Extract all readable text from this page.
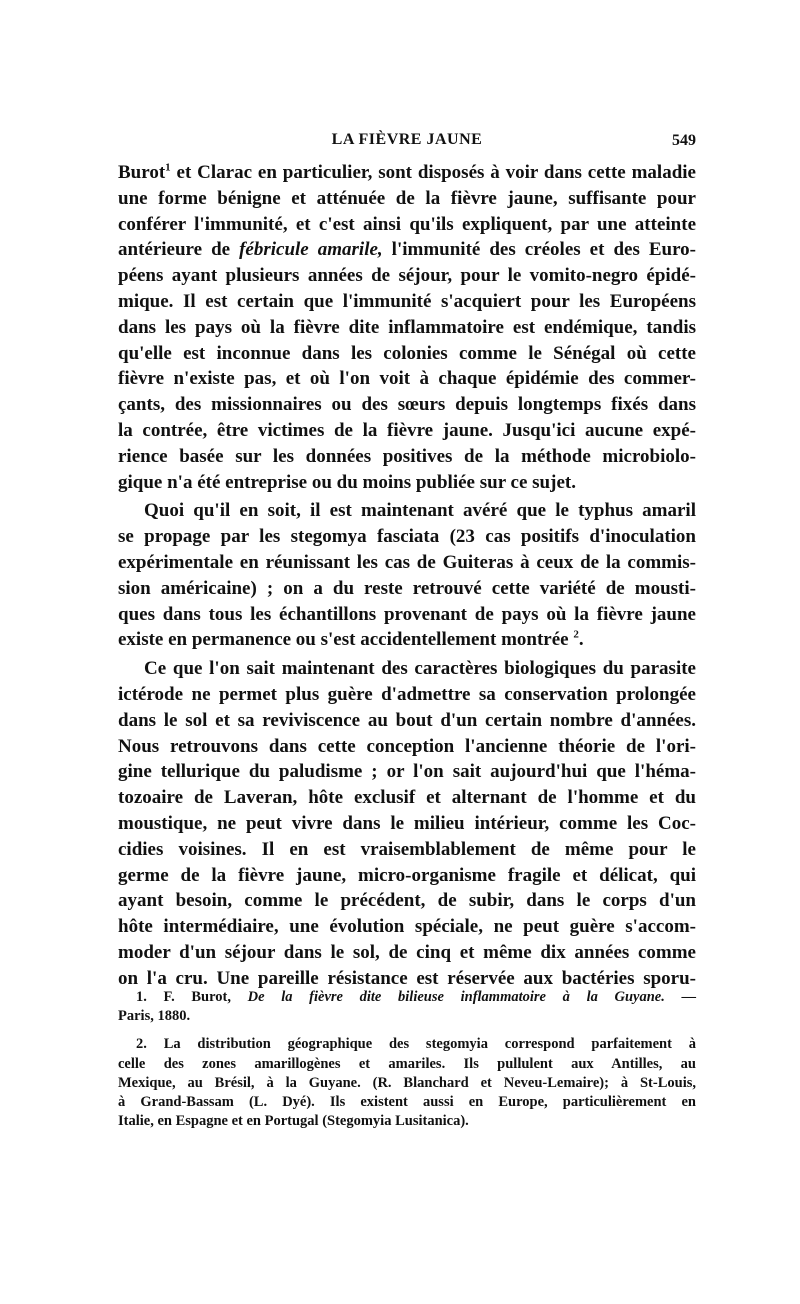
LA FIÈVRE JAUNE	549
Burot$^1$ et Clarac en particulier, sont disposés à voir dans cette maladie
une forme bénigne et atténuée de la fièvre jaune, suffisante pour
conférer l'immunité, et c'est ainsi qu'ils expliquent, par une atteinte
antérieure de fébricule amarile, l'immunité des créoles et des Euro-
péens ayant plusieurs années de séjour, pour le vomito-negro épidé-
mique. Il est certain que l'immunité s'acquiert pour les Européens
dans les pays où la fièvre dite inflammatoire est endémique, tandis
qu'elle est inconnue dans les colonies comme le Sénégal où cette
fièvre n'existe pas, et où l'on voit à chaque épidémie des commer-
çants, des missionnaires ou des sœurs depuis longtemps fixés dans
la contrée, être victimes de la fièvre jaune. Jusqu'ici aucune expé-
rience basée sur les données positives de la méthode microbiolo-
gique n'a été entreprise ou du moins publiée sur ce sujet.
Quoi qu'il en soit, il est maintenant avéré que le typhus amaril
se propage par les stegomya fasciata (23 cas positifs d'inoculation
expérimentale en réunissant les cas de Guiteras à ceux de la commis-
sion américaine) ; on a du reste retrouvé cette variété de mousti-
ques dans tous les échantillons provenant de pays où la fièvre jaune
existe en permanence ou s'est accidentellement montrée $^2$.
Ce que l'on sait maintenant des caractères biologiques du parasite
ictérode ne permet plus guère d'admettre sa conservation prolongée
dans le sol et sa reviviscence au bout d'un certain nombre d'années.
Nous retrouvons dans cette conception l'ancienne théorie de l'ori-
gine tellurique du paludisme ; or l'on sait aujourd'hui que l'héma-
tozoaire de Laveran, hôte exclusif et alternant de l'homme et du
moustique, ne peut vivre dans le milieu intérieur, comme les Coc-
cidies voisines. Il en est vraisemblablement de même pour le
germe de la fièvre jaune, micro-organisme fragile et délicat, qui
ayant besoin, comme le précédent, de subir, dans le corps d'un
hôte intermédiaire, une évolution spéciale, ne peut guère s'accom-
moder d'un séjour dans le sol, de cinq et même dix années comme
on l'a cru. Une pareille résistance est réservée aux bactéries sporu-
1. F. Burot, De la fièvre dite bilieuse inflammatoire à la Guyane. —
Paris, 1880.
2. La distribution géographique des stegomyia correspond parfaitement à
celle des zones amarillogènes et amariles. Ils pullulent aux Antilles, au
Mexique, au Brésil, à la Guyane. (R. Blanchard et Neveu-Lemaire); à St-Louis,
à Grand-Bassam (L. Dyé). Ils existent aussi en Europe, particulièrement en
Italie, en Espagne et en Portugal (Stegomyia Lusitanica).
